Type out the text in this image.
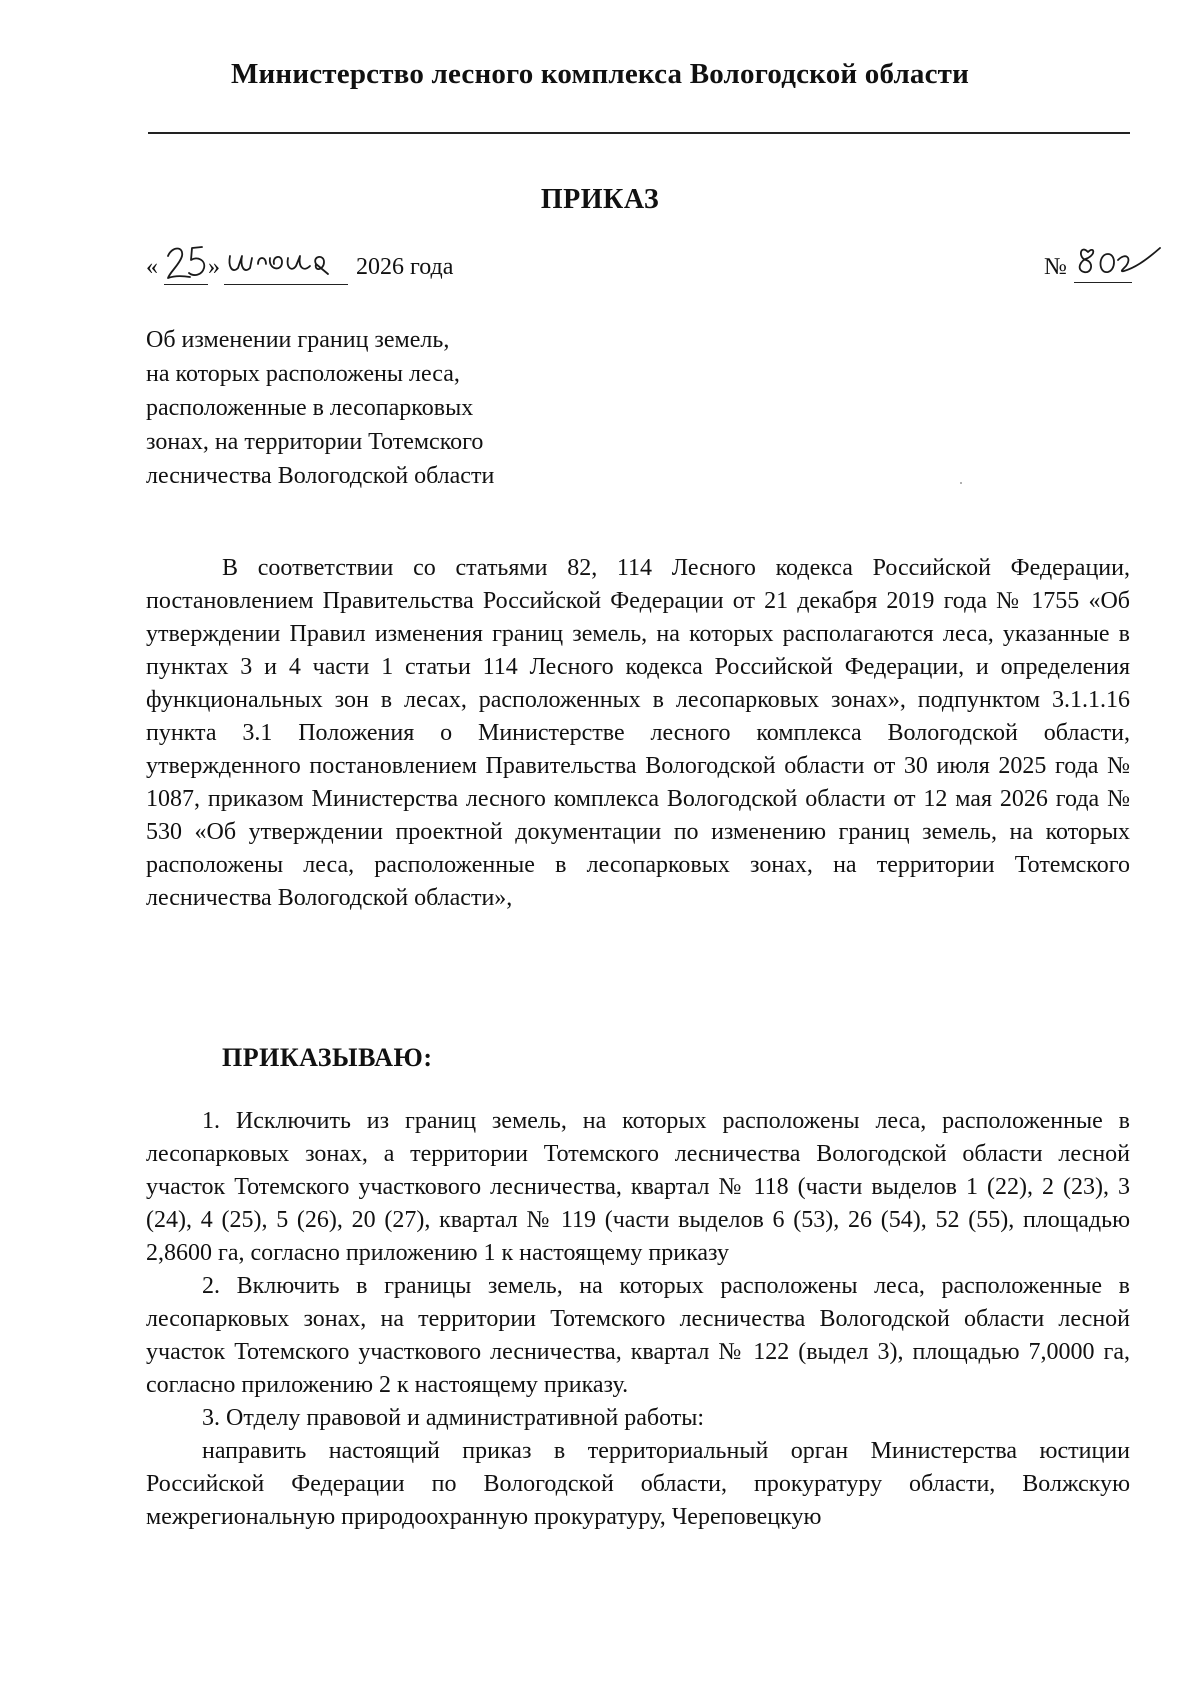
Министерство лесного комплекса Вологодской области
ПРИКАЗ
« »	2026 года	№
Об изменении границ земель,
на которых расположены леса,
расположенные в лесопарковых
зонах, на территории Тотемского
лесничества Вологодской области
В соответствии со статьями 82, 114 Лесного кодекса Российской Федерации, постановлением Правительства Российской Федерации от 21 декабря 2019 года № 1755 «Об утверждении Правил изменения границ земель, на которых располагаются леса, указанные в пунктах 3 и 4 части 1 статьи 114 Лесного кодекса Российской Федерации, и определения функциональных зон в лесах, расположенных в лесопарковых зонах», подпунктом 3.1.1.16 пункта 3.1 Положения о Министерстве лесного комплекса Вологодской области, утвержденного постановлением Правительства Вологодской области от 30 июля 2025 года № 1087, приказом Министерства лесного комплекса Вологодской области от 12 мая 2026 года № 530 «Об утверждении проектной документации по изменению границ земель, на которых расположены леса, расположенные в лесопарковых зонах, на территории Тотемского лесничества Вологодской области»,
ПРИКАЗЫВАЮ:

1. Исключить из границ земель, на которых расположены леса, расположенные в лесопарковых зонах, а территории Тотемского лесничества Вологодской области лесной участок Тотемского участкового лесничества, квартал № 118 (части выделов 1 (22), 2 (23), 3 (24), 4 (25), 5 (26), 20 (27), квартал № 119 (части выделов 6 (53), 26 (54), 52 (55), площадью 2,8600 га, согласно приложению 1 к настоящему приказу

2. Включить в границы земель, на которых расположены леса, расположенные в лесопарковых зонах, на территории Тотемского лесничества Вологодской области лесной участок Тотемского участкового лесничества, квартал № 122 (выдел 3), площадью 7,0000 га, согласно приложению 2 к настоящему приказу.

3. Отделу правовой и административной работы:

направить настоящий приказ в территориальный орган Министерства юстиции Российской Федерации по Вологодской области, прокуратуру области, Волжскую межрегиональную природоохранную прокуратуру, Череповецкую
